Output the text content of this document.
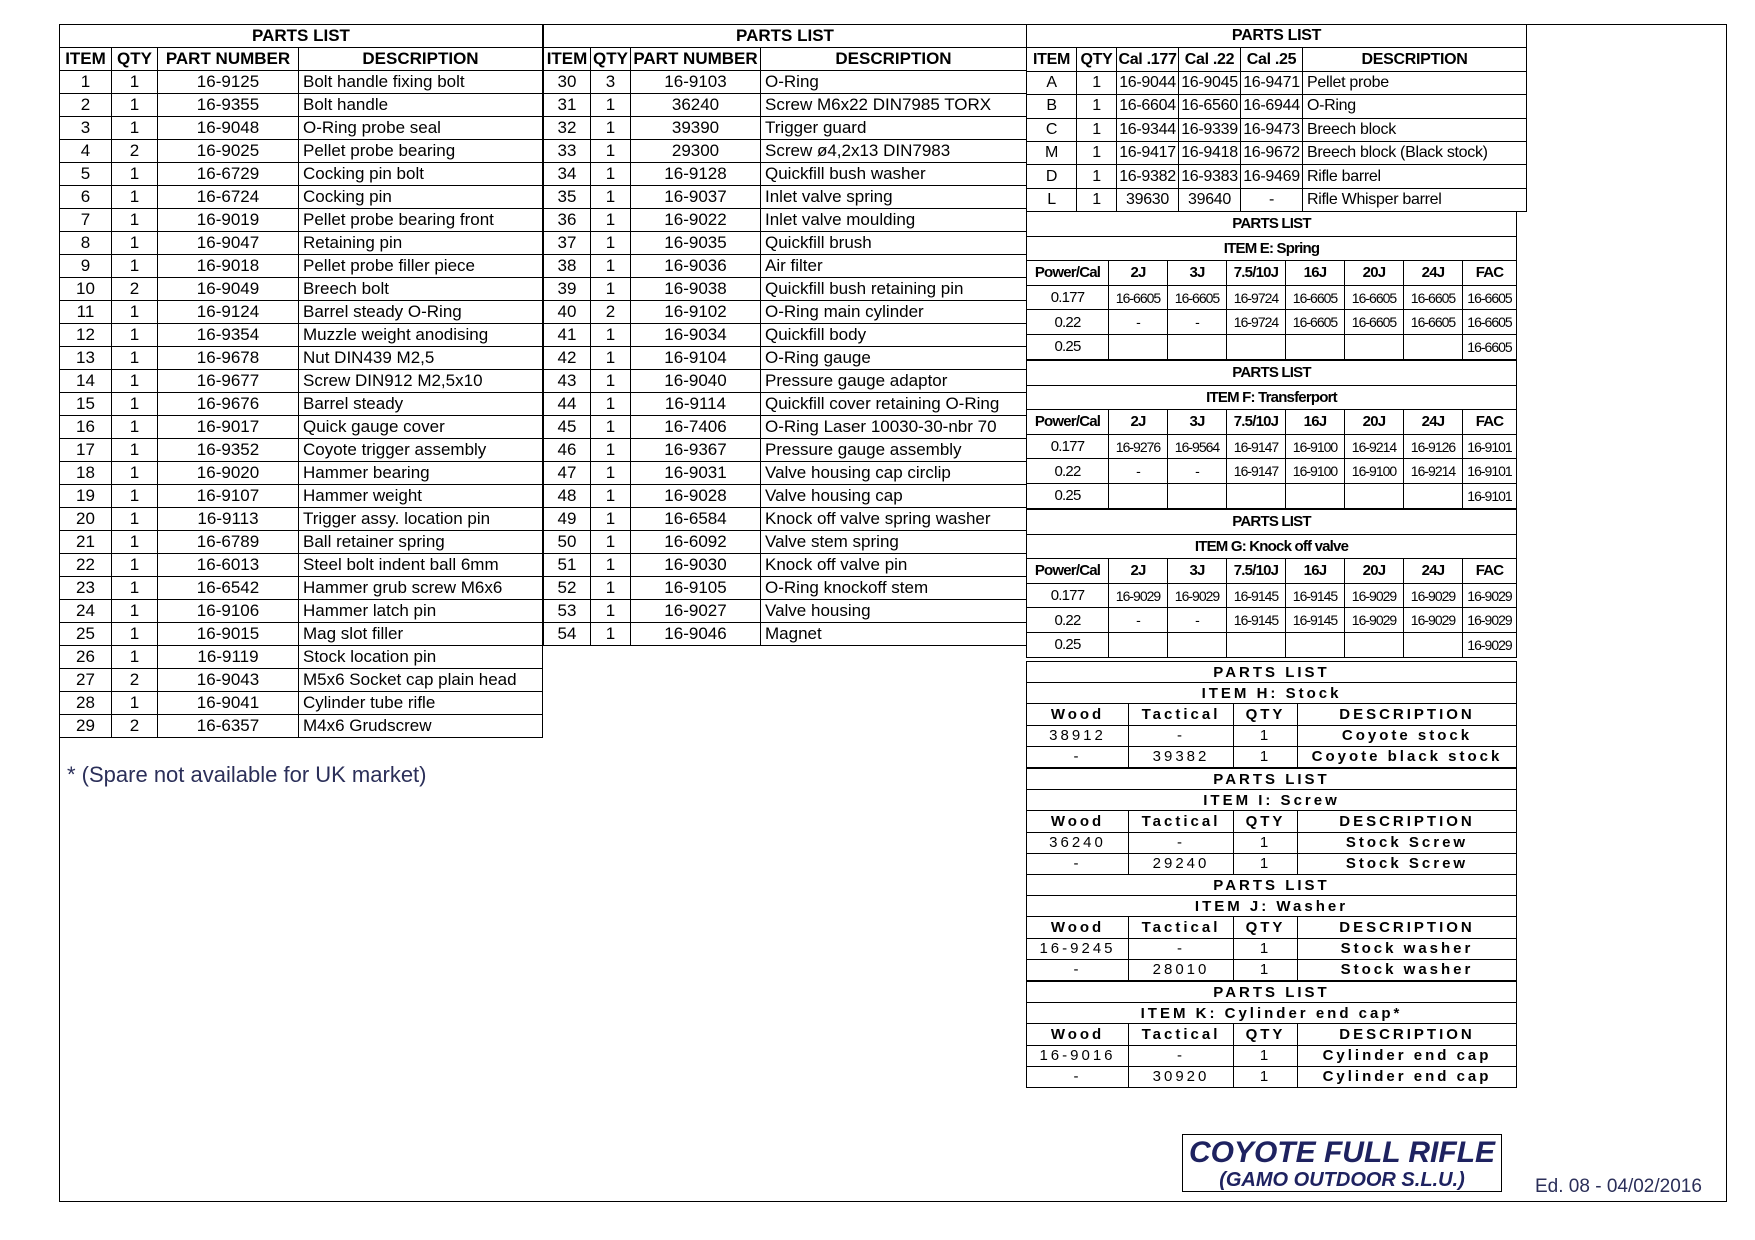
PARTS LIST			
ITEM	QTY	PART NUMBER	DESCRIPTION
1	1	16-9125	Bolt handle fixing bolt
2	1	16-9355	Bolt handle
3	1	16-9048	O-Ring probe seal
4	2	16-9025	Pellet probe bearing
5	1	16-6729	Cocking pin bolt
6	1	16-6724	Cocking pin
7	1	16-9019	Pellet probe bearing front
8	1	16-9047	Retaining pin
9	1	16-9018	Pellet probe filler piece
10	2	16-9049	Breech bolt
11	1	16-9124	Barrel steady O-Ring
12	1	16-9354	Muzzle weight anodising
13	1	16-9678	Nut DIN439 M2,5
14	1	16-9677	Screw DIN912 M2,5x10
15	1	16-9676	Barrel steady
16	1	16-9017	Quick gauge cover
17	1	16-9352	Coyote trigger assembly
18	1	16-9020	Hammer bearing
19	1	16-9107	Hammer weight
20	1	16-9113	Trigger assy. location pin
21	1	16-6789	Ball retainer spring
22	1	16-6013	Steel bolt indent ball 6mm
23	1	16-6542	Hammer grub screw M6x6
24	1	16-9106	Hammer latch pin
25	1	16-9015	Mag slot filler
26	1	16-9119	Stock location pin
27	2	16-9043	M5x6 Socket cap plain head
28	1	16-9041	Cylinder tube rifle
29	2	16-6357	M4x6 Grudscrew
PARTS LIST			
ITEM	QTY	PART NUMBER	DESCRIPTION
30	3	16-9103	O-Ring
31	1	36240	Screw M6x22 DIN7985 TORX
32	1	39390	Trigger guard
33	1	29300	Screw ø4,2x13 DIN7983
34	1	16-9128	Quickfill bush washer
35	1	16-9037	Inlet valve spring
36	1	16-9022	Inlet valve moulding
37	1	16-9035	Quickfill brush
38	1	16-9036	Air filter
39	1	16-9038	Quickfill bush retaining pin
40	2	16-9102	O-Ring main cylinder
41	1	16-9034	Quickfill body
42	1	16-9104	O-Ring gauge
43	1	16-9040	Pressure gauge adaptor
44	1	16-9114	Quickfill cover retaining O-Ring
45	1	16-7406	O-Ring Laser 10030-30-nbr 70
46	1	16-9367	Pressure gauge assembly
47	1	16-9031	Valve housing cap circlip
48	1	16-9028	Valve housing cap
49	1	16-6584	Knock off valve spring washer
50	1	16-6092	Valve stem spring
51	1	16-9030	Knock off valve pin
52	1	16-9105	O-Ring knockoff stem
53	1	16-9027	Valve housing
54	1	16-9046	Magnet
PARTS LIST					
ITEM	QTY	Cal .177	Cal .22	Cal .25	DESCRIPTION
A	1	16-9044	16-9045	16-9471	Pellet probe
B	1	16-6604	16-6560	16-6944	O-Ring
C	1	16-9344	16-9339	16-9473	Breech block
M	1	16-9417	16-9418	16-9672	Breech block (Black stock)
D	1	16-9382	16-9383	16-9469	Rifle barrel
L	1	39630	39640	-	Rifle Whisper barrel
PARTS LIST							
ITEM E: Spring							
Power/Cal	2J	3J	7.5/10J	16J	20J	24J	FAC
0.177	16-6605	16-6605	16-9724	16-6605	16-6605	16-6605	16-6605
0.22	-	-	16-9724	16-6605	16-6605	16-6605	16-6605
0.25							16-6605
PARTS LIST							
ITEM F: Transferport							
Power/Cal	2J	3J	7.5/10J	16J	20J	24J	FAC
0.177	16-9276	16-9564	16-9147	16-9100	16-9214	16-9126	16-9101
0.22	-	-	16-9147	16-9100	16-9100	16-9214	16-9101
0.25							16-9101
PARTS LIST							
ITEM G: Knock off valve							
Power/Cal	2J	3J	7.5/10J	16J	20J	24J	FAC
0.177	16-9029	16-9029	16-9145	16-9145	16-9029	16-9029	16-9029
0.22	-	-	16-9145	16-9145	16-9029	16-9029	16-9029
0.25							16-9029
PARTS LIST			
ITEM H: Stock			
Wood	Tactical	QTY	DESCRIPTION
38912	-	1	Coyote stock
-	39382	1	Coyote black stock
PARTS LIST			
ITEM I: Screw			
Wood	Tactical	QTY	DESCRIPTION
36240	-	1	Stock Screw
-	29240	1	Stock Screw
PARTS LIST			
ITEM J: Washer			
Wood	Tactical	QTY	DESCRIPTION
16-9245	-	1	Stock washer
-	28010	1	Stock washer
PARTS LIST			
ITEM K: Cylinder end cap*			
Wood	Tactical	QTY	DESCRIPTION
16-9016	-	1	Cylinder end cap
-	30920	1	Cylinder end cap
* (Spare not available for UK market)
COYOTE FULL RIFLE
(GAMO OUTDOOR S.L.U.)	Ed. 08 - 04/02/2016
